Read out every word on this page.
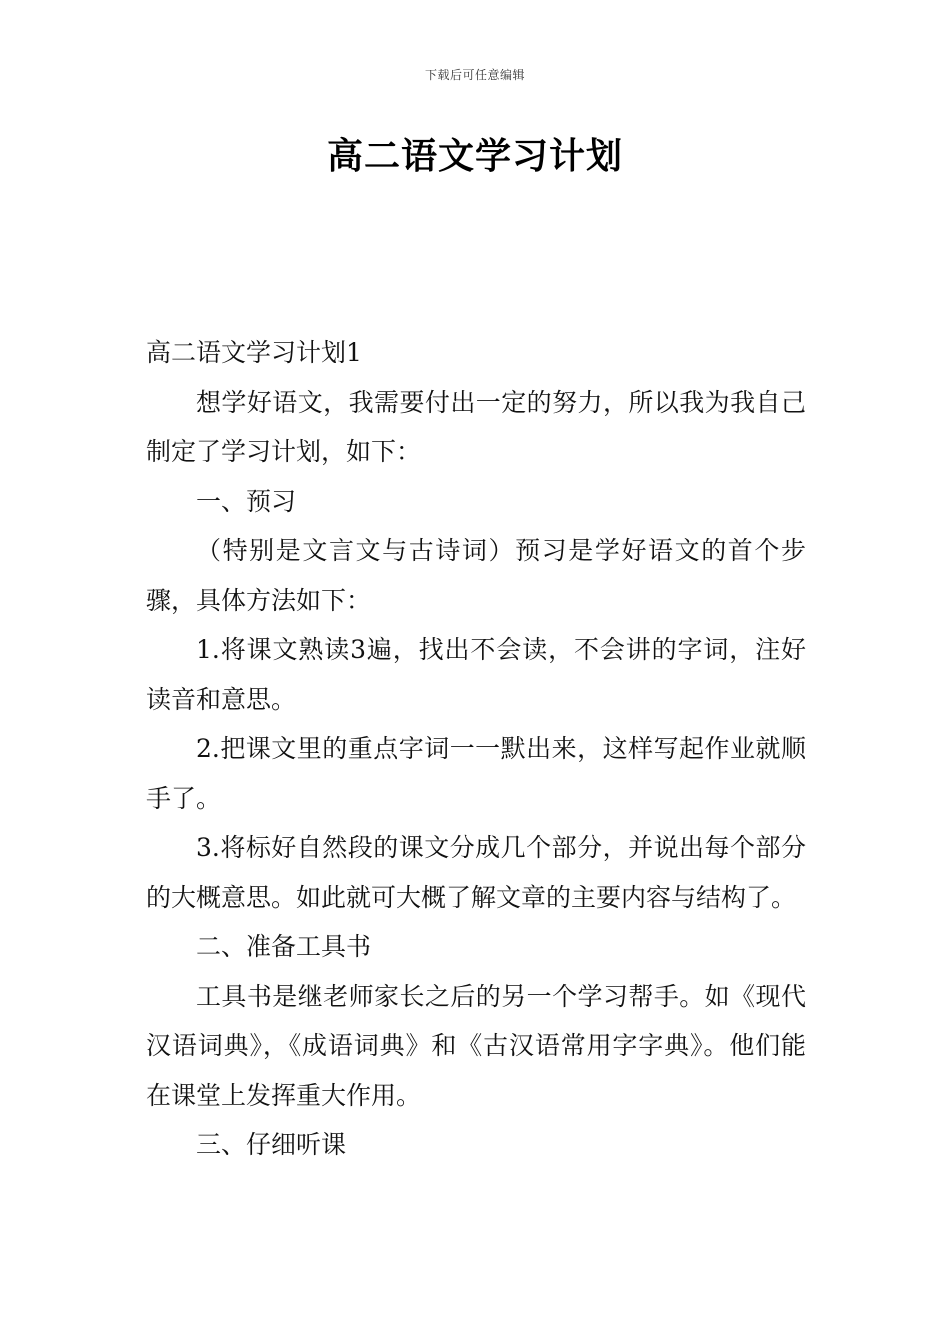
下载后可任意编辑
高二语文学习计划

高二语文学习计划1

想学好语文，我需要付出一定的努力，所以我为我自己制定了学习计划，如下：

一、预习

（特别是文言文与古诗词）预习是学好语文的首个步骤，具体方法如下：

1.将课文熟读3遍，找出不会读，不会讲的字词，注好读音和意思。

2.把课文里的重点字词一一默出来，这样写起作业就顺手了。

3.将标好自然段的课文分成几个部分，并说出每个部分的大概意思。如此就可大概了解文章的主要内容与结构了。

二、准备工具书

工具书是继老师家长之后的另一个学习帮手。如《现代汉语词典》，《成语词典》和《古汉语常用字字典》。他们能在课堂上发挥重大作用。

三、仔细听课
